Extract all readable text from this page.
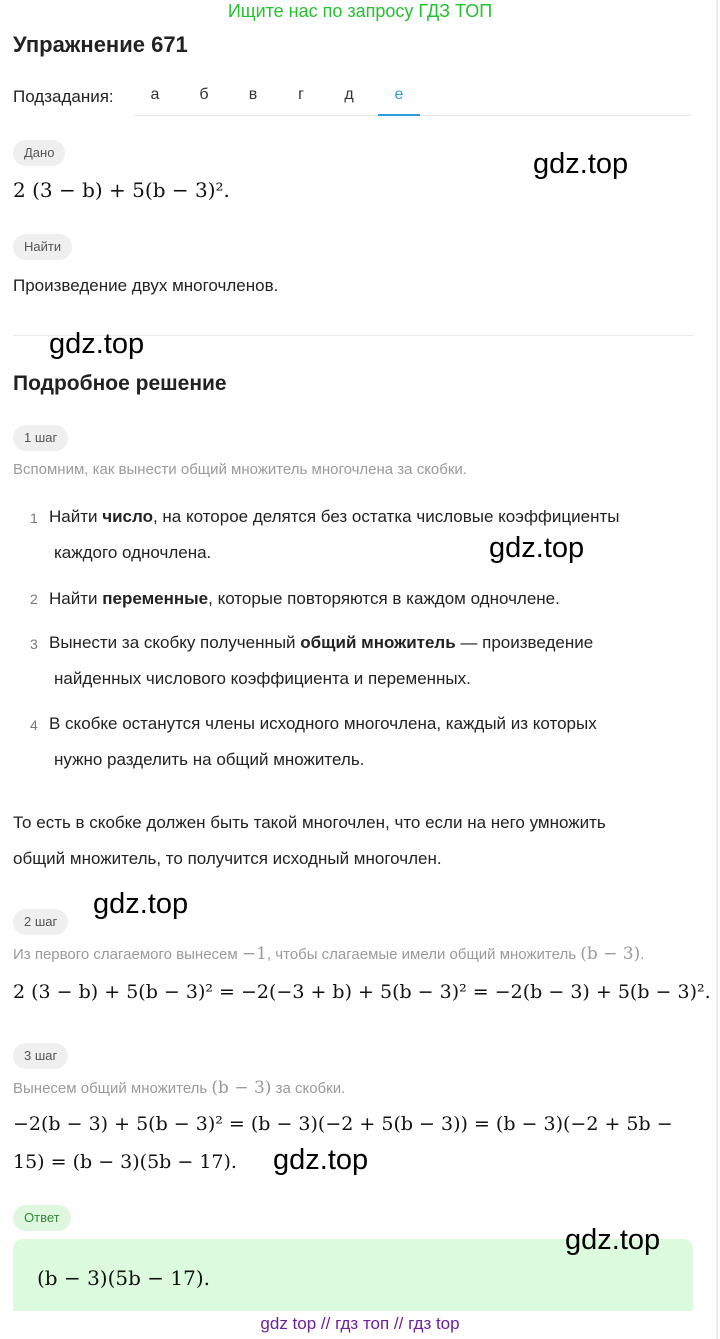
Ищите нас по запросу ГДЗ ТОП
Упражнение 671
Подзадания:	а	б	в	г	д	е
Дано
2 (3 − b) + 5(b − 3)².
gdz.top
Найти
Произведение двух многочленов.
gdz.top
Подробное решение
1 шаг
Вспомним, как вынести общий множитель многочлена за скобки.
1 Найти число, на которое делятся без остатка числовые коэффициенты
каждого одночлена.	gdz.top
2 Найти переменные, которые повторяются в каждом одночлене.
3 Вынести за скобку полученный общий множитель — произведение
найденных числового коэффициента и переменных.
4 В скобке останутся члены исходного многочлена, каждый из которых
нужно разделить на общий множитель.
То есть в скобке должен быть такой многочлен, что если на него умножить
общий множитель, то получится исходный многочлен.
2 шаг
gdz.top
Из первого слагаемого вынесем −1, чтобы слагаемые имели общий множитель (b − 3).
2 (3 − b) + 5(b − 3)² = −2(−3 + b) + 5(b − 3)² = −2(b − 3) + 5(b − 3)².
3 шаг
Вынесем общий множитель (b − 3) за скобки.
−2(b − 3) + 5(b − 3)² = (b − 3)(−2 + 5(b − 3)) = (b − 3)(−2 + 5b −
15) = (b − 3)(5b − 17). gdz.top
Ответ
(b − 3)(5b − 17).
gdz.top
gdz top // гдз топ // гдз top
